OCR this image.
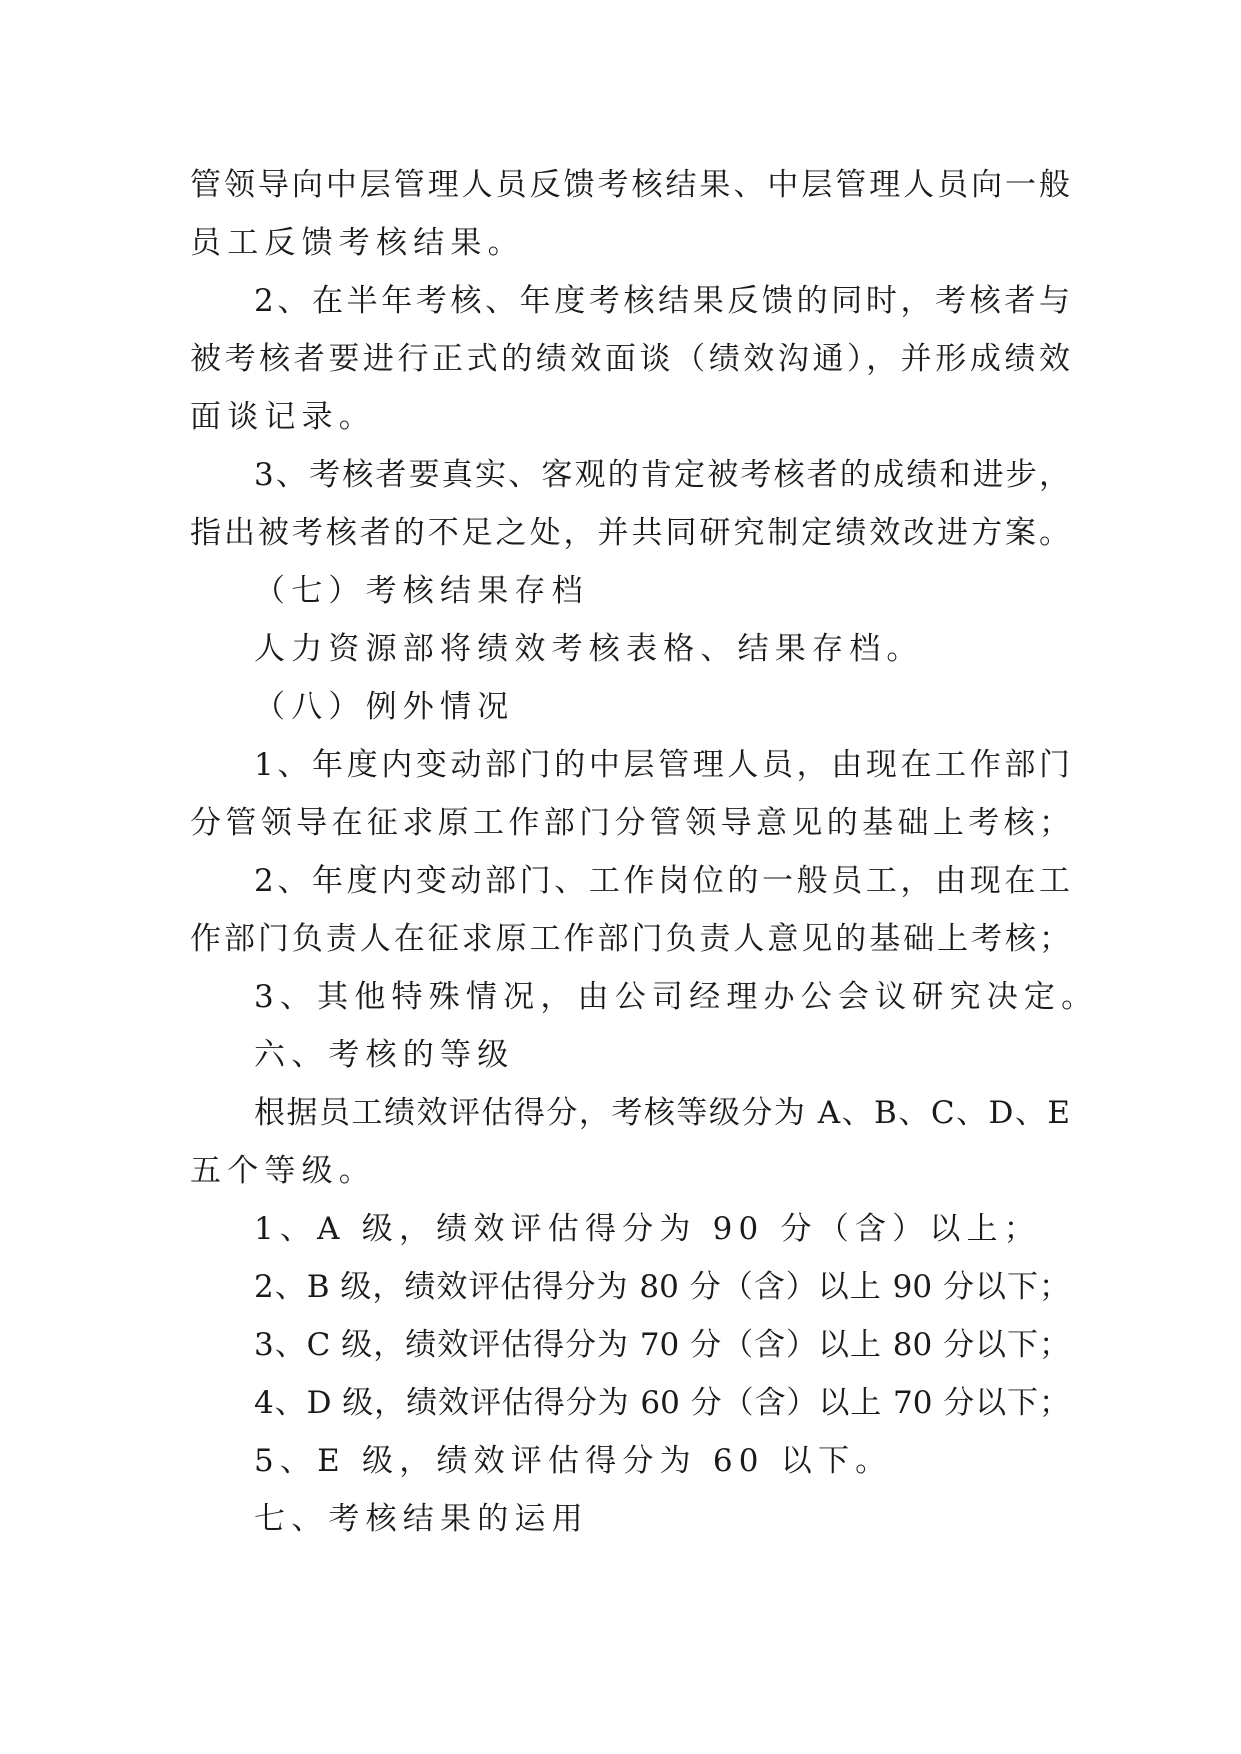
管领导向中层管理人员反馈考核结果、中层管理人员向一般
员工反馈考核结果。
2、在半年考核、年度考核结果反馈的同时，考核者与
被考核者要进行正式的绩效面谈（绩效沟通），并形成绩效
面谈记录。
3、考核者要真实、客观的肯定被考核者的成绩和进步，
指出被考核者的不足之处，并共同研究制定绩效改进方案。
（七）考核结果存档
人力资源部将绩效考核表格、结果存档。
（八）例外情况
1、年度内变动部门的中层管理人员，由现在工作部门
分管领导在征求原工作部门分管领导意见的基础上考核；
2、年度内变动部门、工作岗位的一般员工，由现在工
作部门负责人在征求原工作部门负责人意见的基础上考核；
3、其他特殊情况，由公司经理办公会议研究决定。
六、考核的等级
根据员工绩效评估得分，考核等级分为 A、B、C、D、E
五个等级。
1、A 级，绩效评估得分为 90 分（含）以上；
2、B 级，绩效评估得分为 80 分（含）以上 90 分以下；
3、C 级，绩效评估得分为 70 分（含）以上 80 分以下；
4、D 级，绩效评估得分为 60 分（含）以上 70 分以下；
5、E 级，绩效评估得分为 60 以下。
七、考核结果的运用
